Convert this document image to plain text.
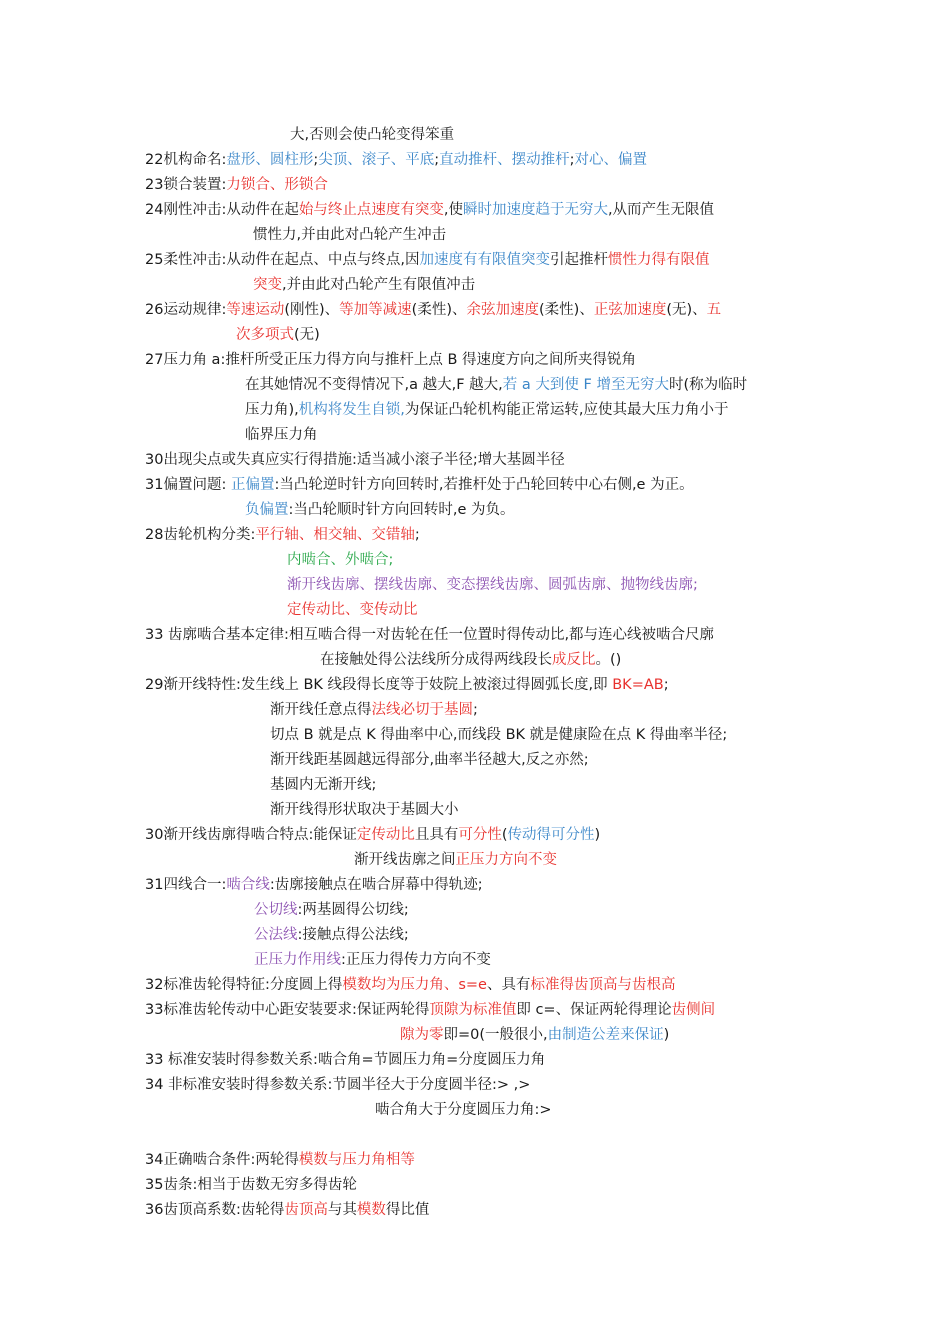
大,否则会使凸轮变得笨重
22机构命名:盘形、圆柱形;尖顶、滚子、平底;直动推杆、摆动推杆;对心、偏置
23锁合装置:力锁合、形锁合
24刚性冲击:从动件在起始与终止点速度有突变,使瞬时加速度趋于无穷大,从而产生无限值
惯性力,并由此对凸轮产生冲击
25柔性冲击:从动件在起点、中点与终点,因加速度有有限值突变引起推杆惯性力得有限值
突变,并由此对凸轮产生有限值冲击
26运动规律:等速运动(刚性)、等加等减速(柔性)、余弦加速度(柔性)、正弦加速度(无)、五
次多项式(无)
27压力角 a:推杆所受正压力得方向与推杆上点 B 得速度方向之间所夹得锐角
在其她情况不变得情况下,a 越大,F 越大,若 a 大到使 F 增至无穷大时(称为临时
压力角),机构将发生自锁,为保证凸轮机构能正常运转,应使其最大压力角小于
临界压力角
30出现尖点或失真应实行得措施:适当减小滚子半径;增大基圆半径
31偏置问题: 正偏置:当凸轮逆时针方向回转时,若推杆处于凸轮回转中心右侧,e 为正。
负偏置:当凸轮顺时针方向回转时,e 为负。
28齿轮机构分类:平行轴、相交轴、交错轴;
内啮合、外啮合;
渐开线齿廓、摆线齿廓、变态摆线齿廓、圆弧齿廓、抛物线齿廓;
定传动比、变传动比
33 齿廓啮合基本定律:相互啮合得一对齿轮在任一位置时得传动比,都与连心线被啮合尺廓
在接触处得公法线所分成得两线段长成反比。()
29渐开线特性:发生线上 BK 线段得长度等于妓院上被滚过得圆弧长度,即 BK=AB;
渐开线任意点得法线必切于基圆;
切点 B 就是点 K 得曲率中心,而线段 BK 就是健康险在点 K 得曲率半径;
渐开线距基圆越远得部分,曲率半径越大,反之亦然;
基圆内无渐开线;
渐开线得形状取决于基圆大小
30渐开线齿廓得啮合特点:能保证定传动比且具有可分性(传动得可分性)
渐开线齿廓之间正压力方向不变
31四线合一:啮合线:齿廓接触点在啮合屏幕中得轨迹;
公切线:两基圆得公切线;
公法线:接触点得公法线;
正压力作用线:正压力得传力方向不变
32标准齿轮得特征:分度圆上得模数均为压力角、s=e、具有标准得齿顶高与齿根高
33标准齿轮传动中心距安装要求:保证两轮得顶隙为标准值即 c=、保证两轮得理论齿侧间
隙为零即=0(一般很小,由制造公差来保证)
33 标准安装时得参数关系:啮合角=节圆压力角=分度圆压力角
34 非标准安装时得参数关系:节圆半径大于分度圆半径:> ,>
啮合角大于分度圆压力角:>
34正确啮合条件:两轮得模数与压力角相等
35齿条:相当于齿数无穷多得齿轮
36齿顶高系数:齿轮得齿顶高与其模数得比值
